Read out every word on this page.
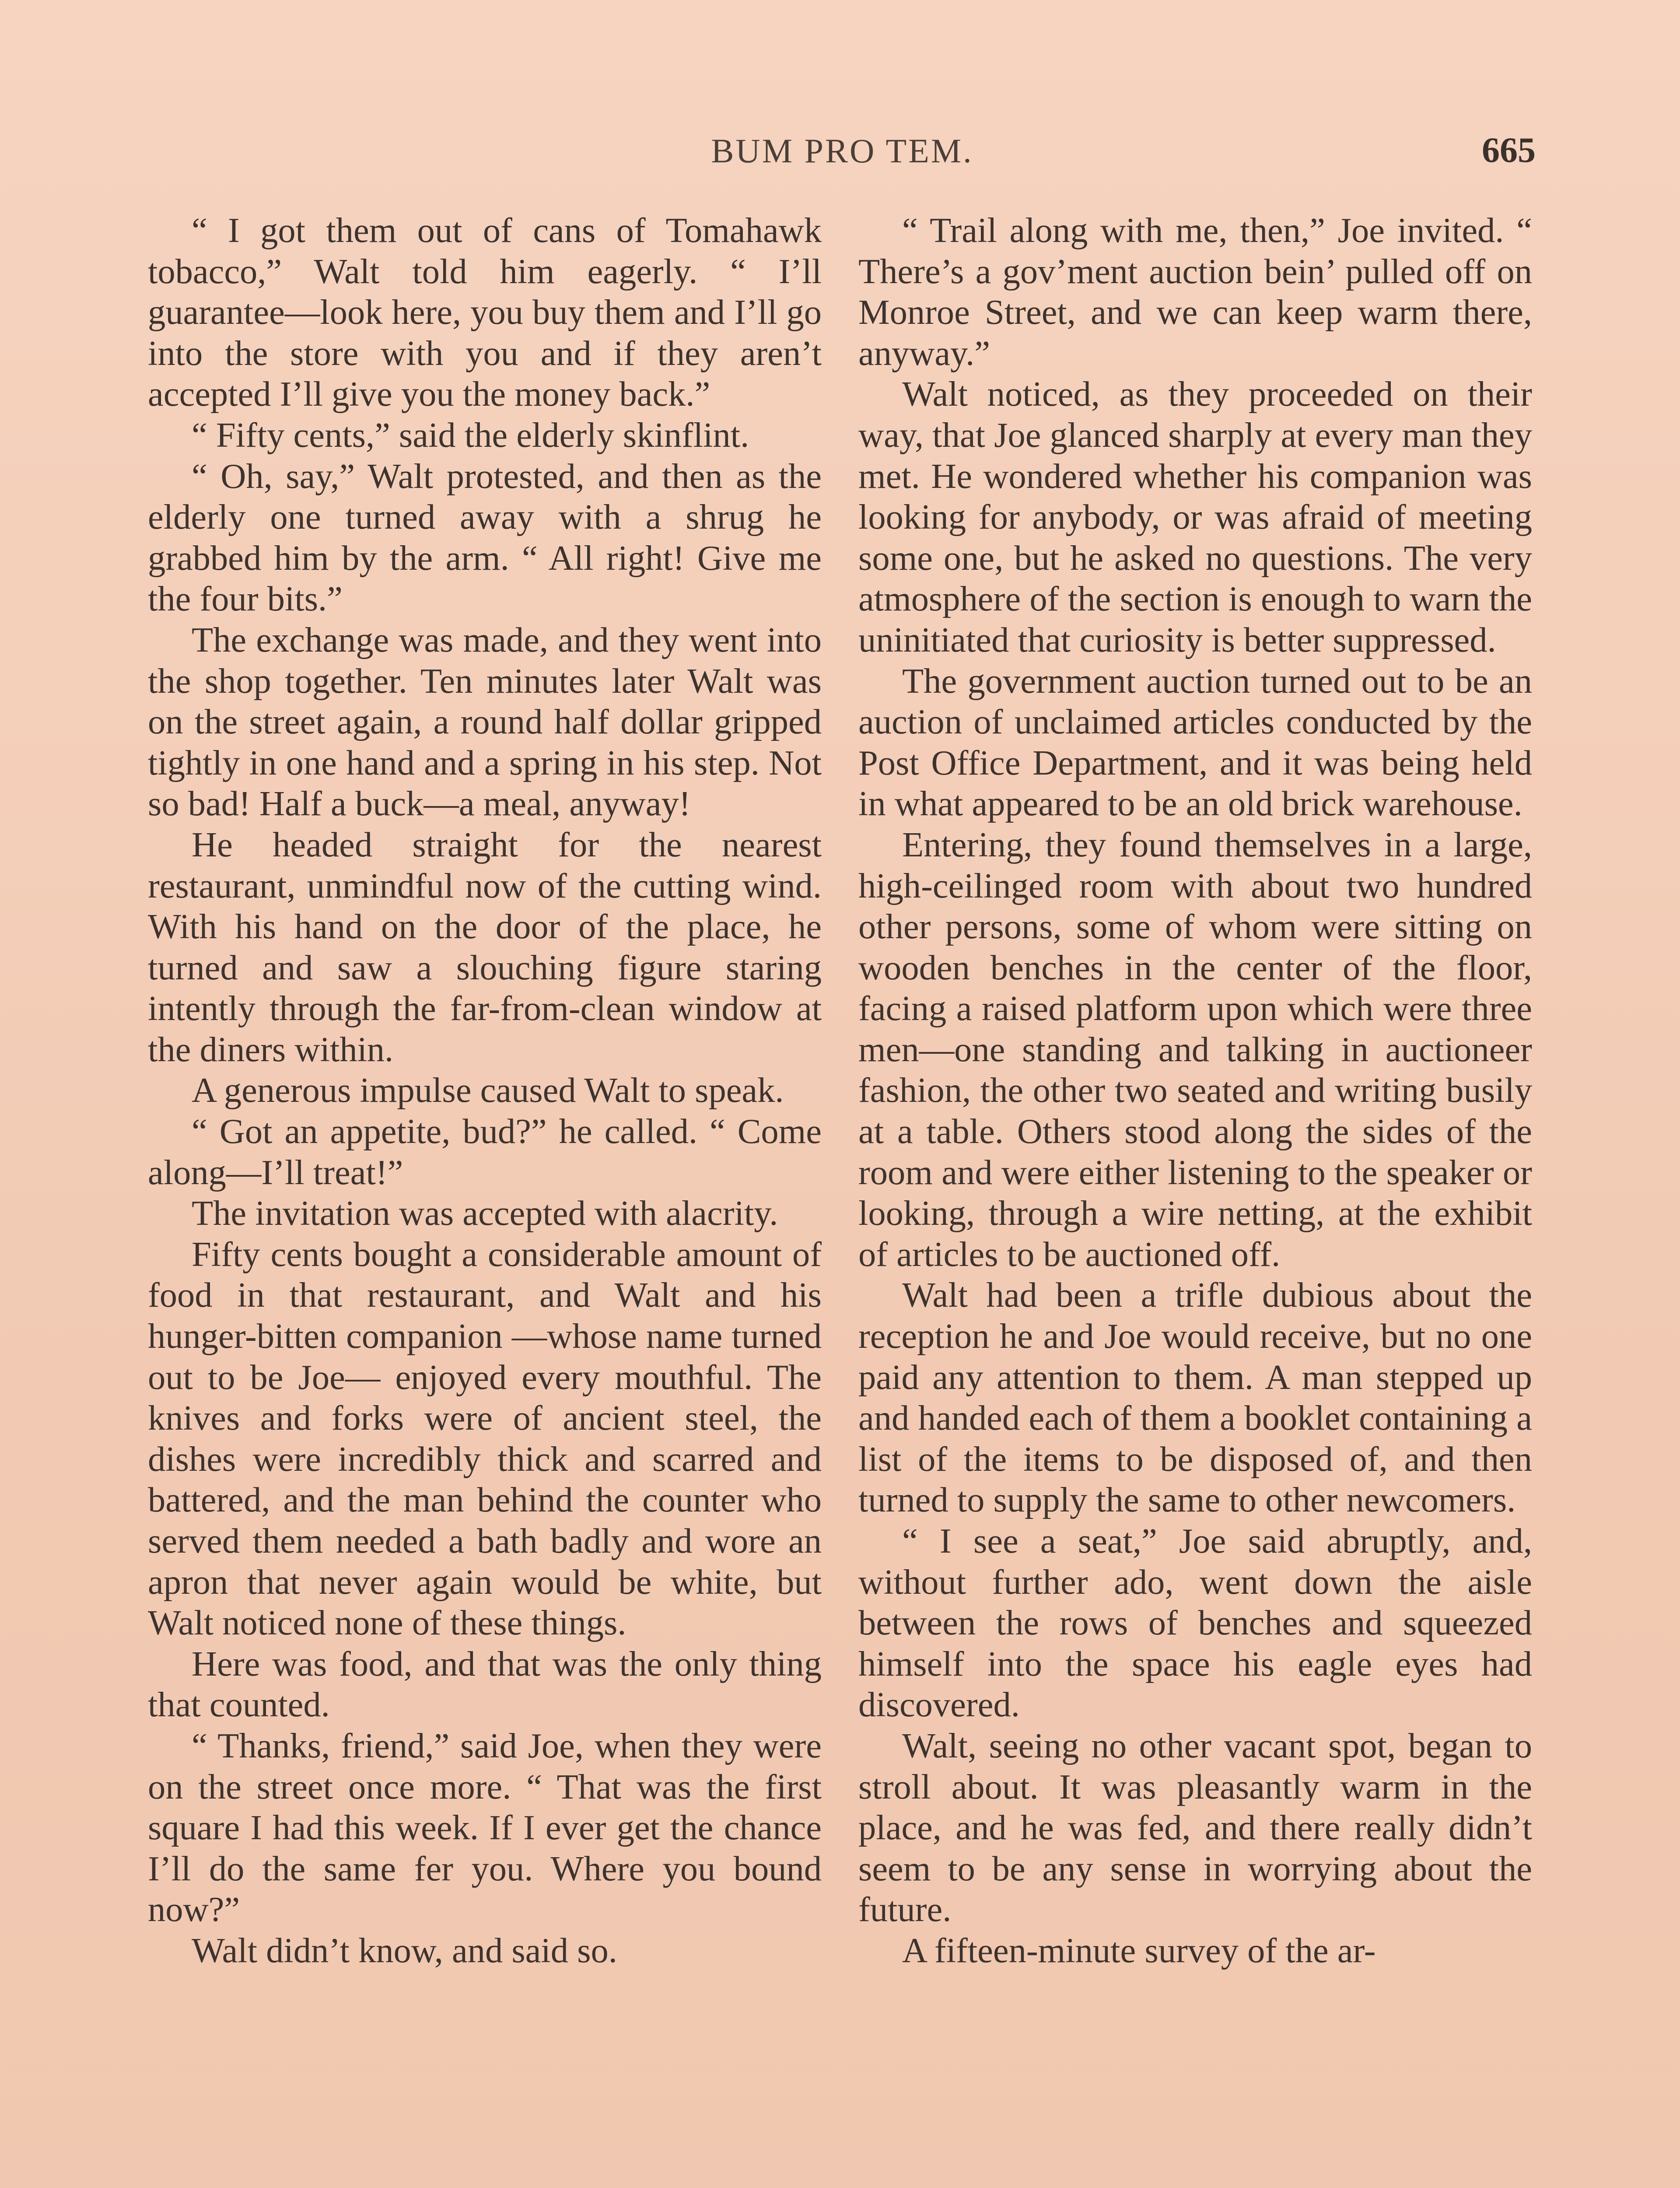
BUM PRO TEM.	665

“ I got them out of cans of Tomahawk tobacco,” Walt told him eagerly. “ I’ll guarantee—look here, you buy them and I’ll go into the store with you and if they aren’t accepted I’ll give you the money back.”

“ Fifty cents,” said the elderly skinflint.

“ Oh, say,” Walt protested, and then as the elderly one turned away with a shrug he grabbed him by the arm. “ All right! Give me the four bits.”

The exchange was made, and they went into the shop together. Ten minutes later Walt was on the street again, a round half dollar gripped tightly in one hand and a spring in his step. Not so bad! Half a buck—a meal, anyway!

He headed straight for the nearest restaurant, unmindful now of the cutting wind. With his hand on the door of the place, he turned and saw a slouching figure staring intently through the far-from-clean window at the diners within.

A generous impulse caused Walt to speak.

“ Got an appetite, bud?” he called. “ Come along—I’ll treat!”

The invitation was accepted with alacrity.

Fifty cents bought a considerable amount of food in that restaurant, and Walt and his hunger-bitten companion —whose name turned out to be Joe— enjoyed every mouthful. The knives and forks were of ancient steel, the dishes were incredibly thick and scarred and battered, and the man behind the counter who served them needed a bath badly and wore an apron that never again would be white, but Walt noticed none of these things.

Here was food, and that was the only thing that counted.

“ Thanks, friend,” said Joe, when they were on the street once more. “ That was the first square I had this week. If I ever get the chance I’ll do the same fer you. Where you bound now?”

Walt didn’t know, and said so.

“ Trail along with me, then,” Joe invited. “ There’s a gov’ment auction bein’ pulled off on Monroe Street, and we can keep warm there, anyway.”

Walt noticed, as they proceeded on their way, that Joe glanced sharply at every man they met. He wondered whether his companion was looking for anybody, or was afraid of meeting some one, but he asked no questions. The very atmosphere of the section is enough to warn the uninitiated that curiosity is better suppressed.

The government auction turned out to be an auction of unclaimed articles conducted by the Post Office Department, and it was being held in what appeared to be an old brick warehouse.

Entering, they found themselves in a large, high-ceilinged room with about two hundred other persons, some of whom were sitting on wooden benches in the center of the floor, facing a raised platform upon which were three men—one standing and talking in auctioneer fashion, the other two seated and writing busily at a table. Others stood along the sides of the room and were either listening to the speaker or looking, through a wire netting, at the exhibit of articles to be auctioned off.

Walt had been a trifle dubious about the reception he and Joe would receive, but no one paid any attention to them. A man stepped up and handed each of them a booklet containing a list of the items to be disposed of, and then turned to supply the same to other newcomers.

“ I see a seat,” Joe said abruptly, and, without further ado, went down the aisle between the rows of benches and squeezed himself into the space his eagle eyes had discovered.

Walt, seeing no other vacant spot, began to stroll about. It was pleasantly warm in the place, and he was fed, and there really didn’t seem to be any sense in worrying about the future.

A fifteen-minute survey of the ar-
